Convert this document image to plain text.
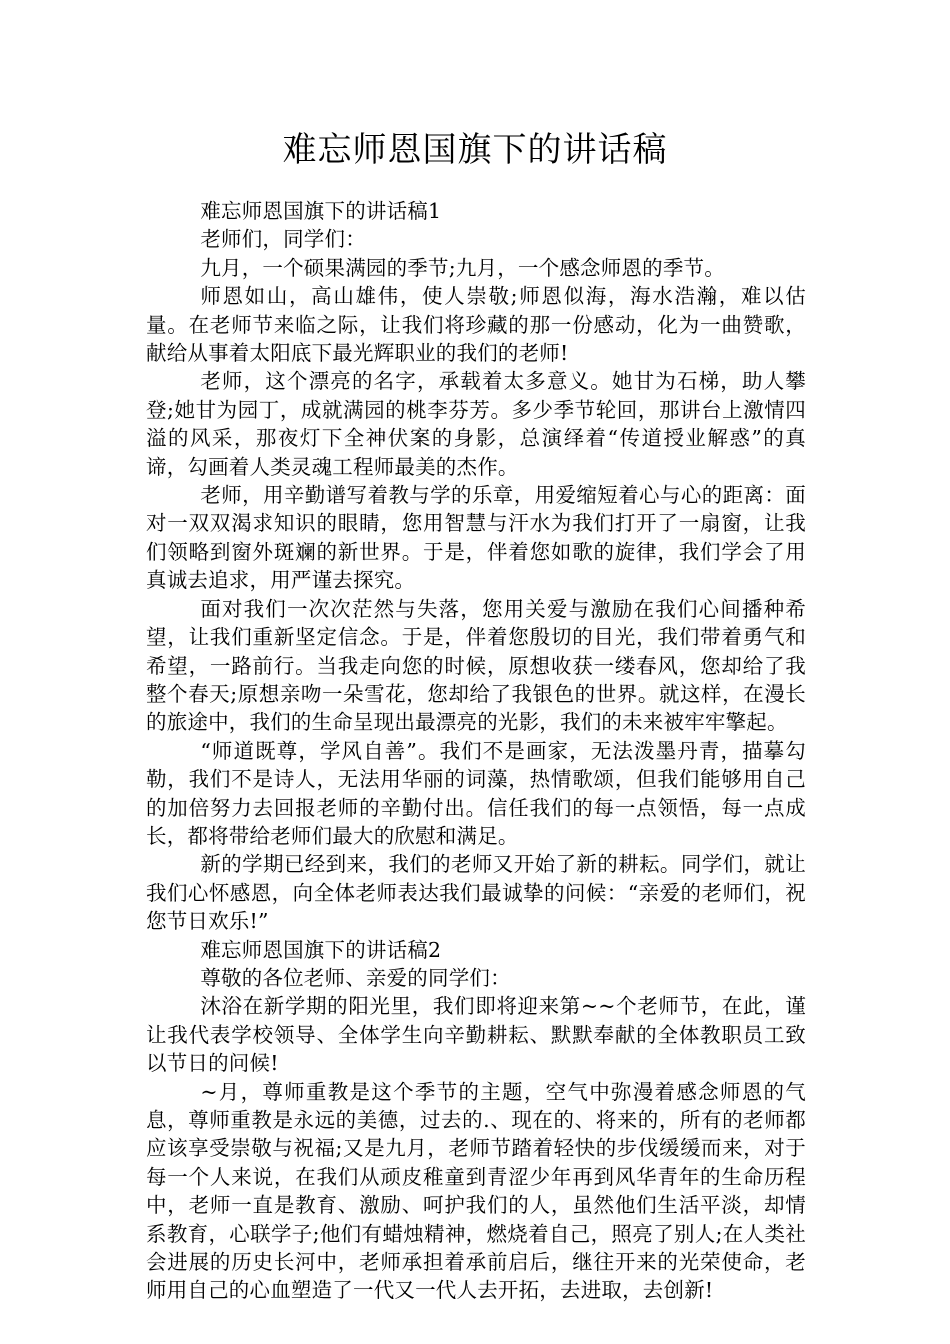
难忘师恩国旗下的讲话稿

难忘师恩国旗下的讲话稿1

老师们，同学们：

九月，一个硕果满园的季节;九月，一个感念师恩的季节。

师恩如山，高山雄伟，使人崇敬;师恩似海，海水浩瀚，难以估量。在老师节来临之际，让我们将珍藏的那一份感动，化为一曲赞歌，献给从事着太阳底下最光辉职业的我们的老师!

老师，这个漂亮的名字，承载着太多意义。她甘为石梯，助人攀登;她甘为园丁，成就满园的桃李芬芳。多少季节轮回，那讲台上激情四溢的风采，那夜灯下全神伏案的身影，总演绎着“传道授业解惑”的真谛，勾画着人类灵魂工程师最美的杰作。

老师，用辛勤谱写着教与学的乐章，用爱缩短着心与心的距离：面对一双双渴求知识的眼睛，您用智慧与汗水为我们打开了一扇窗，让我们领略到窗外斑斓的新世界。于是，伴着您如歌的旋律，我们学会了用真诚去追求，用严谨去探究。

面对我们一次次茫然与失落，您用关爱与激励在我们心间播种希望，让我们重新坚定信念。于是，伴着您殷切的目光，我们带着勇气和希望，一路前行。当我走向您的时候，原想收获一缕春风，您却给了我整个春天;原想亲吻一朵雪花，您却给了我银色的世界。就这样，在漫长的旅途中，我们的生命呈现出最漂亮的光影，我们的未来被牢牢擎起。

“师道既尊，学风自善”。我们不是画家，无法泼墨丹青，描摹勾勒，我们不是诗人，无法用华丽的词藻，热情歌颂，但我们能够用自己的加倍努力去回报老师的辛勤付出。信任我们的每一点领悟，每一点成长，都将带给老师们最大的欣慰和满足。

新的学期已经到来，我们的老师又开始了新的耕耘。同学们，就让我们心怀感恩，向全体老师表达我们最诚挚的问候：“亲爱的老师们，祝您节日欢乐!”

难忘师恩国旗下的讲话稿2

尊敬的各位老师、亲爱的同学们：

沐浴在新学期的阳光里，我们即将迎来第~~个老师节，在此，谨让我代表学校领导、全体学生向辛勤耕耘、默默奉献的全体教职员工致以节日的问候!

~月，尊师重教是这个季节的主题，空气中弥漫着感念师恩的气息，尊师重教是永远的美德，过去的.、现在的、将来的，所有的老师都应该享受崇敬与祝福;又是九月，老师节踏着轻快的步伐缓缓而来，对于每一个人来说，在我们从顽皮稚童到青涩少年再到风华青年的生命历程中，老师一直是教育、激励、呵护我们的人，虽然他们生活平淡，却情系教育，心联学子;他们有蜡烛精神，燃烧着自己，照亮了别人;在人类社会进展的历史长河中，老师承担着承前启后，继往开来的光荣使命，老师用自己的心血塑造了一代又一代人去开拓，去进取，去创新!
